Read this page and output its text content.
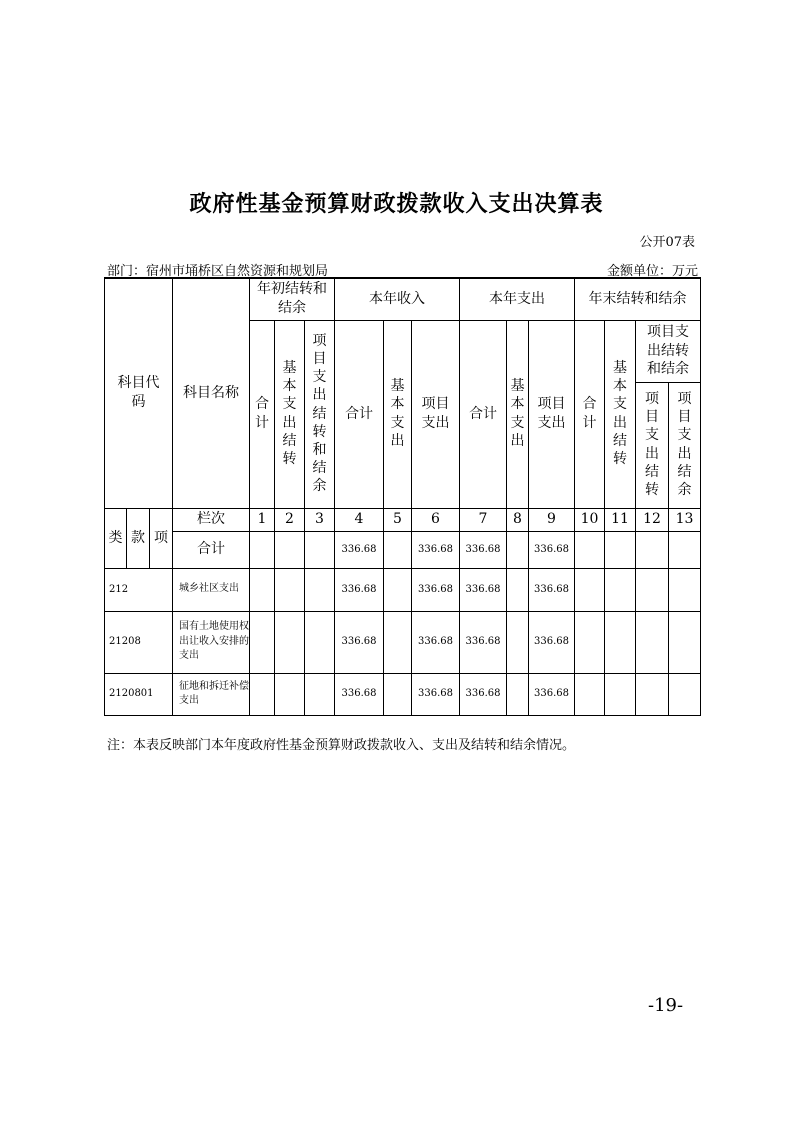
政府性基金预算财政拨款收入支出决算表
公开07表
部门：宿州市埇桥区自然资源和规划局	金额单位：万元
科目代码			科目名称	年初结转和结余			本年收入			本年支出			年末结转和结余			
				合计	基本支出结转	项目支出结转和结余	合计	基本支出	项目支出	合计	基本支出	项目支出	合计	基本支出结转	项目支出结转和结余	
															项目支出结转	项目支出结余
类	款	项	栏次	1	2	3	4	5	6	7	8	9	10	11	12	13
			合计				336.68		336.68	336.68		336.68				
212			城乡社区支出				336.68		336.68	336.68		336.68				
21208			国有土地使用权出让收入安排的支出				336.68		336.68	336.68		336.68				
2120801			征地和拆迁补偿支出				336.68		336.68	336.68		336.68				
注：本表反映部门本年度政府性基金预算财政拨款收入、支出及结转和结余情况。
-19-
